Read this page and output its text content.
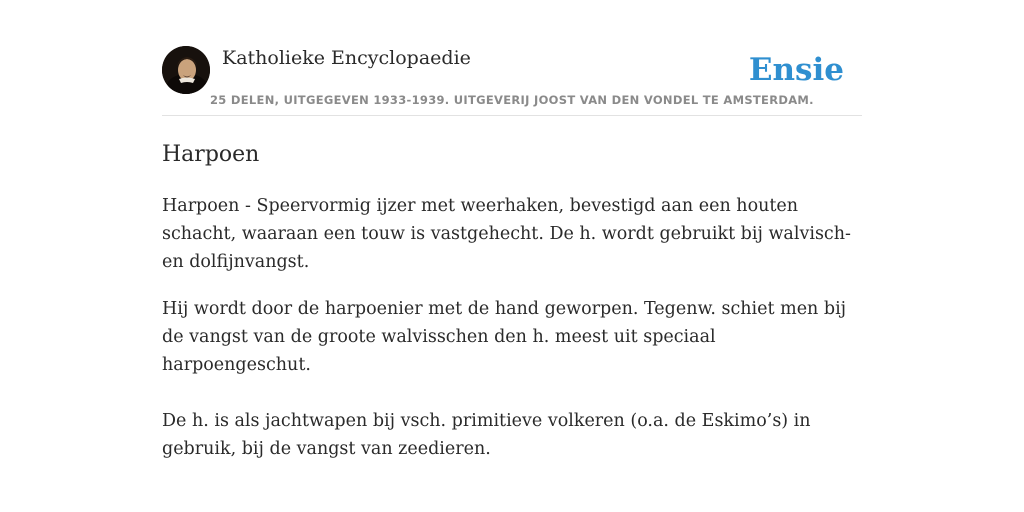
Katholieke Encyclopaedie
25 DELEN, UITGEGEVEN 1933-1939. UITGEVERIJ JOOST VAN DEN VONDEL TE AMSTERDAM.
Ensie
Harpoen

Harpoen - Speervormig ijzer met weerhaken, bevestigd aan een houten schacht, waaraan een touw is vastgehecht. De h. wordt gebruikt bij walvisch- en dolfijnvangst.

Hij wordt door de harpoenier met de hand geworpen. Tegenw. schiet men bij de vangst van de groote walvisschen den h. meest uit speciaal harpoengeschut.

De h. is als jachtwapen bij vsch. primitieve volkeren (o.a. de Eskimo’s) in gebruik, bij de vangst van zeedieren.
